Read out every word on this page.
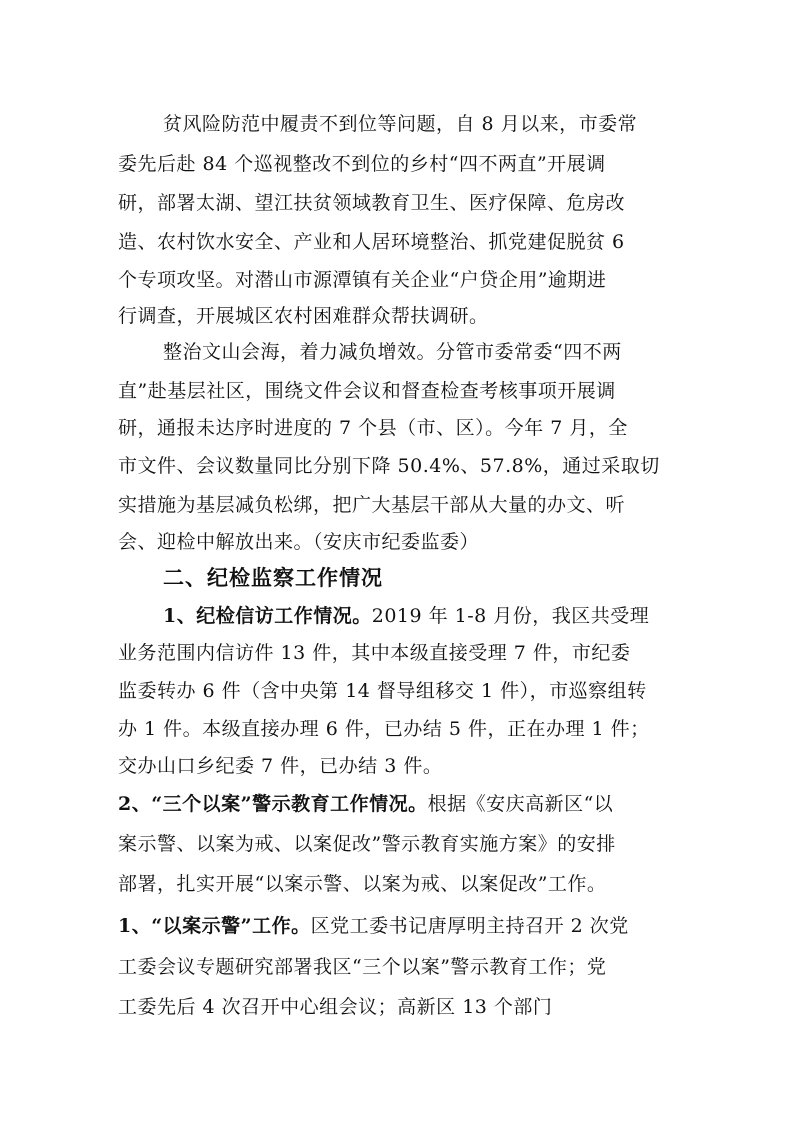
贫风险防范中履责不到位等问题，自 8 月以来，市委常

委先后赴 84 个巡视整改不到位的乡村“四不两直”开展调

研，部署太湖、望江扶贫领域教育卫生、医疗保障、危房改

造、农村饮水安全、产业和人居环境整治、抓党建促脱贫 6

个专项攻坚。对潜山市源潭镇有关企业“户贷企用”逾期进

行调查，开展城区农村困难群众帮扶调研。

整治文山会海，着力减负增效。分管市委常委“四不两

直”赴基层社区，围绕文件会议和督查检查考核事项开展调

研，通报未达序时进度的 7 个县（市、区）。今年 7 月，全

市文件、会议数量同比分别下降 50.4%、57.8%，通过采取切

实措施为基层减负松绑，把广大基层干部从大量的办文、听

会、迎检中解放出来。（安庆市纪委监委）

二、纪检监察工作情况

1、纪检信访工作情况。2019 年 1-8 月份，我区共受理

业务范围内信访件 13 件，其中本级直接受理 7 件，市纪委

监委转办 6 件（含中央第 14 督导组移交 1 件），市巡察组转

办 1 件。本级直接办理 6 件，已办结 5 件，正在办理 1 件；

交办山口乡纪委 7 件，已办结 3 件。

2、“三个以案”警示教育工作情况。根据《安庆高新区“以

案示警、以案为戒、以案促改”警示教育实施方案》的安排

部署，扎实开展“以案示警、以案为戒、以案促改”工作。

1、“以案示警”工作。区党工委书记唐厚明主持召开 2 次党

工委会议专题研究部署我区“三个以案”警示教育工作；党

工委先后 4 次召开中心组会议；高新区 13 个部门
